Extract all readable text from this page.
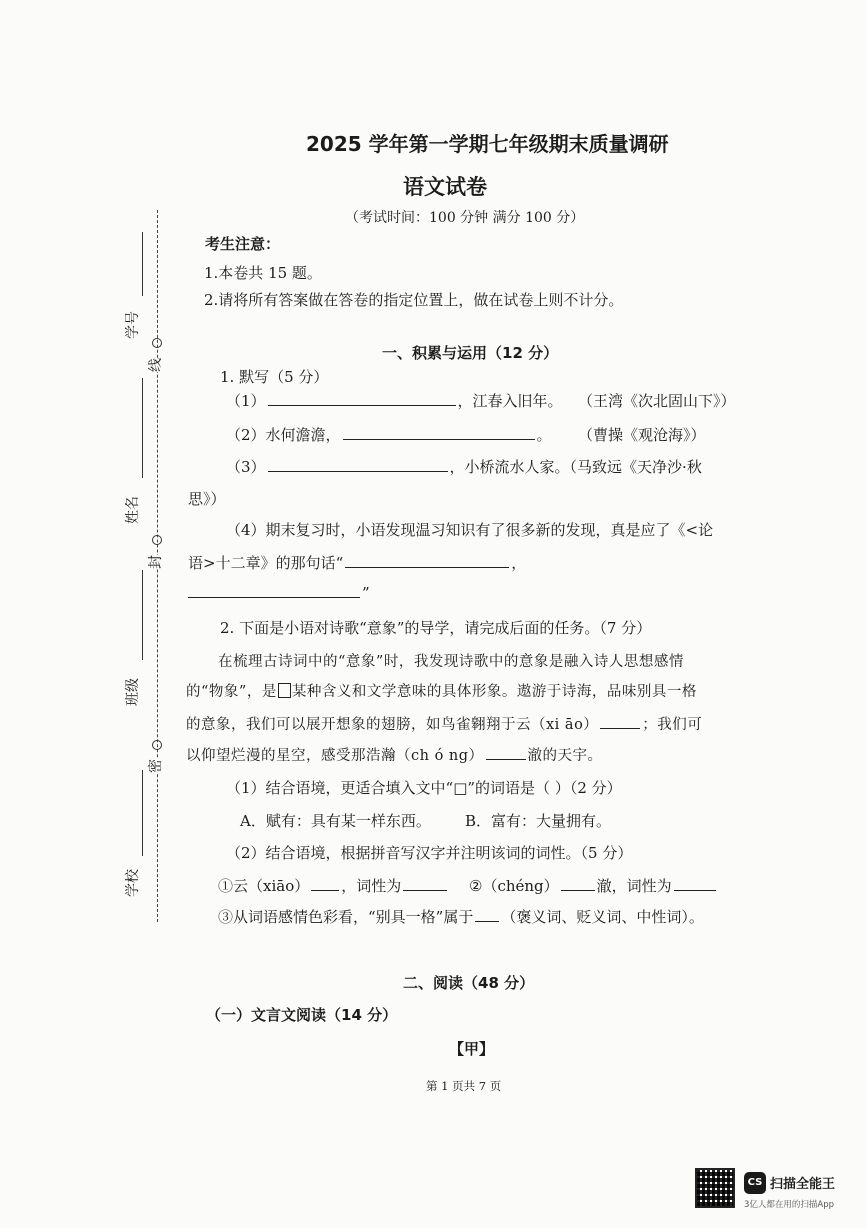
学号
姓名
班级
学校
线
封
密
2025 学年第一学期七年级期末质量调研
语文试卷
（考试时间：100 分钟 满分 100 分）
考生注意：
1.本卷共 15 题。
2.请将所有答案做在答卷的指定位置上，做在试卷上则不计分。
一、积累与运用（12 分）
1. 默写（5 分）
（1）	，江春入旧年。 （王湾《次北固山下》）
（2）水何澹澹，	。 （曹操《观沧海》）
（3）	，小桥流水人家。（马致远《天净沙·秋
思》）
（4）期末复习时，小语发现温习知识有了很多新的发现，真是应了《<论
语>十二章》的那句话“	，
”
2. 下面是小语对诗歌“意象”的导学，请完成后面的任务。（7 分）
在梳理古诗词中的“意象”时，我发现诗歌中的意象是融入诗人思想感情
的“物象”，是 某种含义和文学意味的具体形象。遨游于诗海，品味别具一格
的意象，我们可以展开想象的翅膀，如鸟雀翱翔于云（xi āo）	；我们可
以仰望烂漫的星空，感受那浩瀚（ch ó ng）	澈的天宇。
（1）结合语境，更适合填入文中“□”的词语是（ ）（2 分）
A．赋有：具有某一样东西。 B．富有：大量拥有。
（2）结合语境，根据拼音写汉字并注明该词的词性。（5 分）
①云（xiāo） ，词性为	②（chéng）	澈，词性为
③从词语感情色彩看，“别具一格”属于 （褒义词、贬义词、中性词）。
二、阅读（48 分）
（一）文言文阅读（14 分）
【甲】
第 1 页共 7 页
CS 扫描全能王
3亿人都在用的扫描App
